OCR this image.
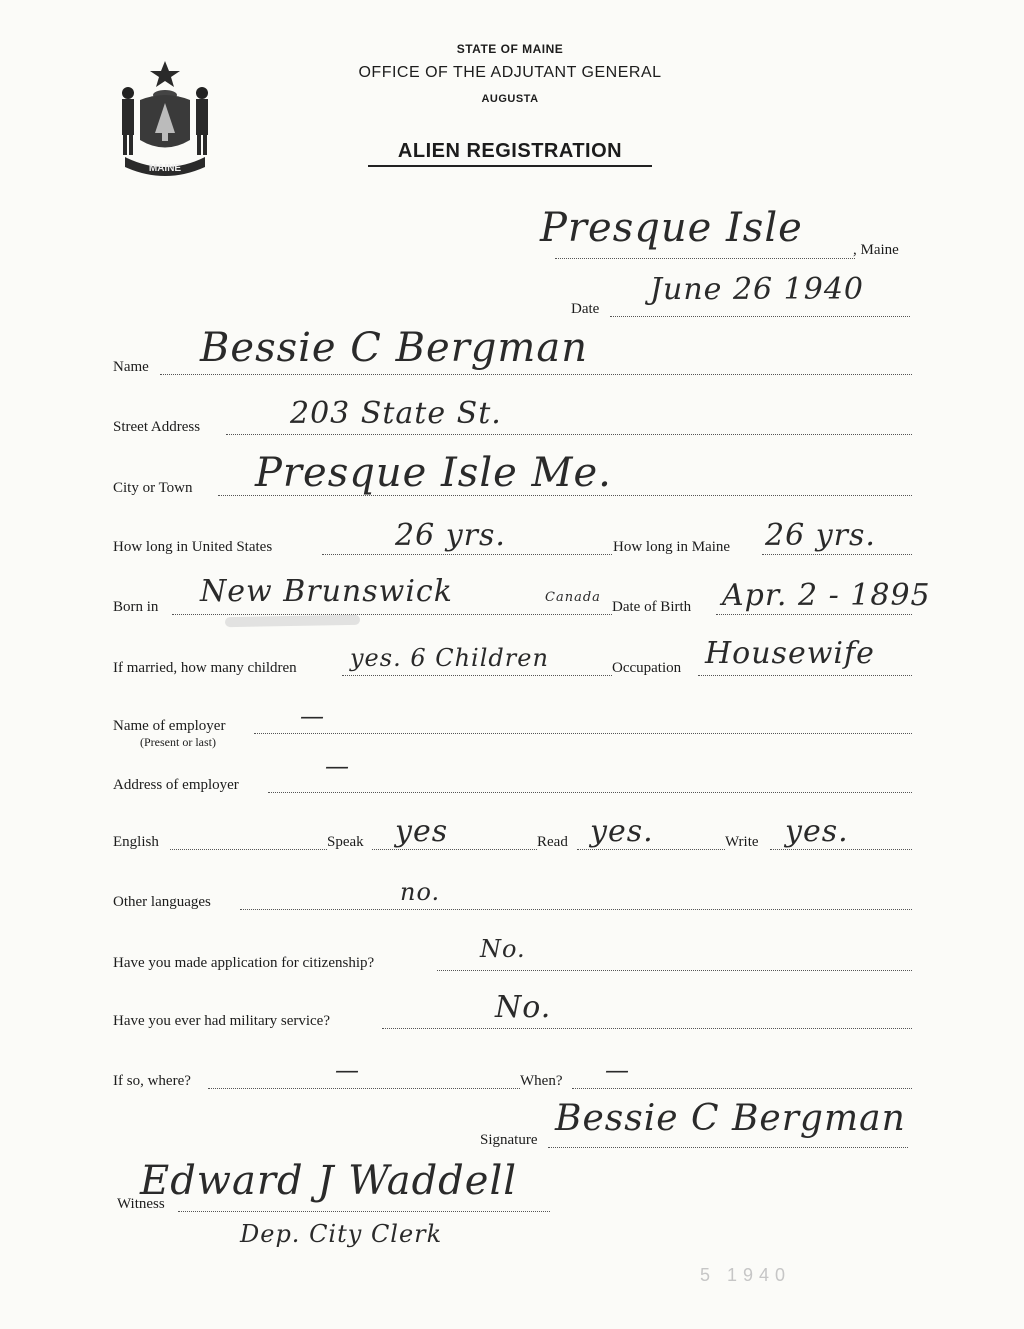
MAINE
STATE OF MAINE
OFFICE OF THE ADJUTANT GENERAL
AUGUSTA
ALIEN REGISTRATION
Presque Isle	, Maine
Date
June 26 1940
Name Bessie C Bergman
Street Address	203 State St.
City or Town Presque Isle Me.
How long in United States	26 yrs.	How long in Maine 26 yrs.
Born in New Brunswick	Canada
Date of Birth Apr. 2 - 1895
If married, how many children yes. 6 Children	Occupation Housewife
Name of employer
(Present or last)
—
Address of employer
—
English	Speak yes	Read yes.	Write yes.
Other languages	no.
Have you made application for citizenship?	No.
Have you ever had military service?	No.
If so, where?	—	When? —
Signature
Bessie C Bergman
Witness
Edward J Waddell
Dep. City Clerk
5 1940
